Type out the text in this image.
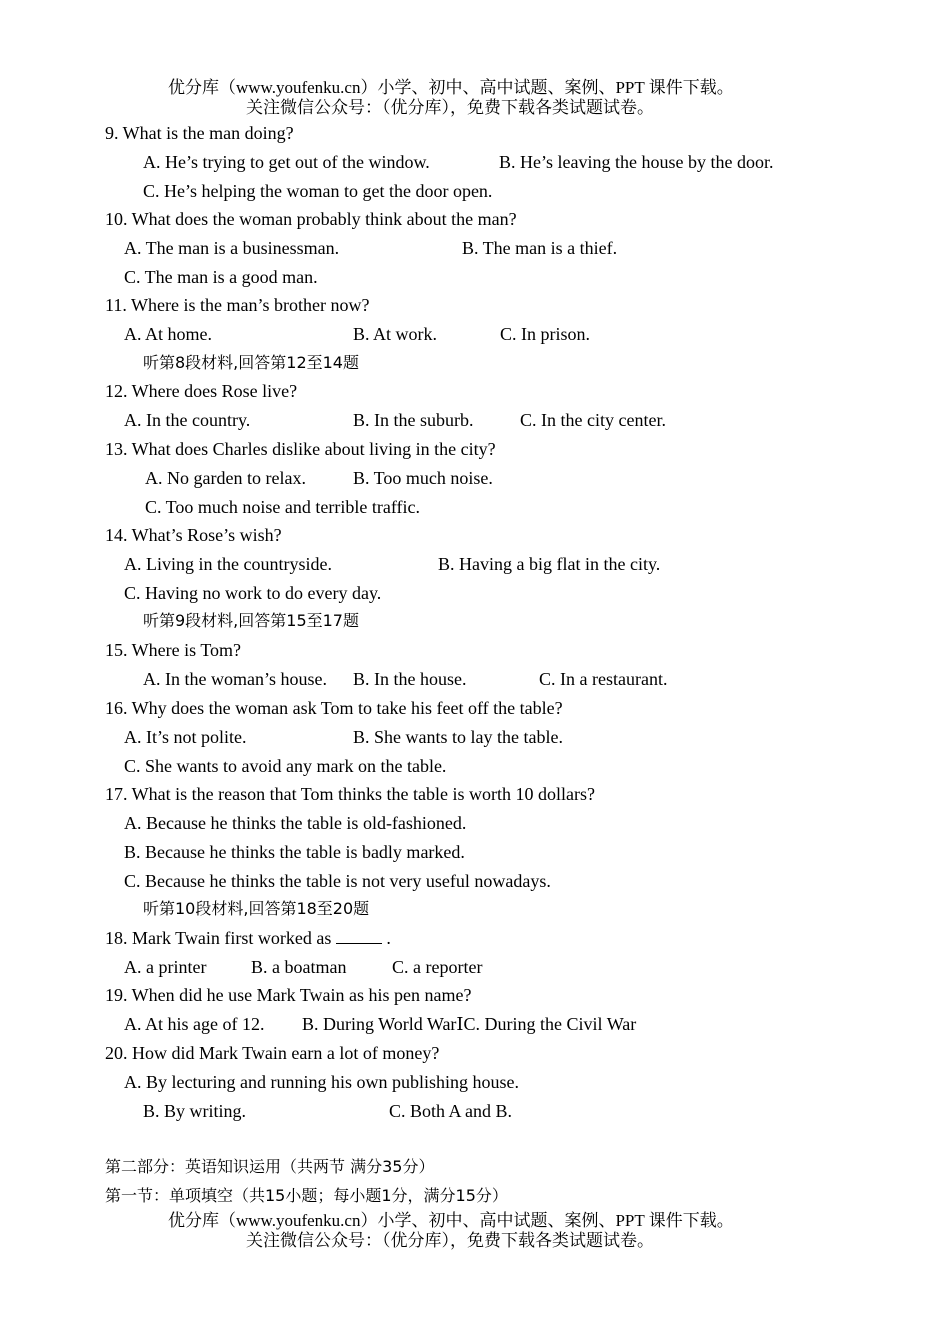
优分库（www.youfenku.cn）小学、初中、高中试题、案例、PPT 课件下载。
关注微信公众号：（优分库），免费下载各类试题试卷。
9. What is the man doing?
A. He’s trying to get out of the window.	B. He’s leaving the house by the door.
C. He’s helping the woman to get the door open.
10. What does the woman probably think about the man?
A. The man is a businessman.	B. The man is a thief.
C. The man is a good man.
11. Where is the man’s brother now?
A. At home.	B. At work.	C. In prison.
听第8段材料,回答第12至14题
12. Where does Rose live?
A. In the country.	B. In the suburb.	C. In the city center.
13. What does Charles dislike about living in the city?
A. No garden to relax.	B. Too much noise.
C. Too much noise and terrible traffic.
14. What’s Rose’s wish?
A. Living in the countryside.	B. Having a big flat in the city.
C. Having no work to do every day.
听第9段材料,回答第15至17题
15. Where is Tom?
A. In the woman’s house. B. In the house.	C. In a restaurant.
16. Why does the woman ask Tom to take his feet off the table?
A. It’s not polite.	B. She wants to lay the table.
C. She wants to avoid any mark on the table.
17. What is the reason that Tom thinks the table is worth 10 dollars?
A. Because he thinks the table is old-fashioned.
B. Because he thinks the table is badly marked.
C. Because he thinks the table is not very useful nowadays.
听第10段材料,回答第18至20题
18. Mark Twain first worked as	.
A. a printer B. a boatman	C. a reporter
19. When did he use Mark Twain as his pen name?
A. At his age of 12. B. During World WarⅠC. During the Civil War
20. How did Mark Twain earn a lot of money?
A. By lecturing and running his own publishing house.
B. By writing.	C. Both A and B.
第二部分：英语知识运用（共两节 满分35分）
第一节：单项填空（共15小题；每小题1分，满分15分）
优分库（www.youfenku.cn）小学、初中、高中试题、案例、PPT 课件下载。
关注微信公众号：（优分库），免费下载各类试题试卷。
